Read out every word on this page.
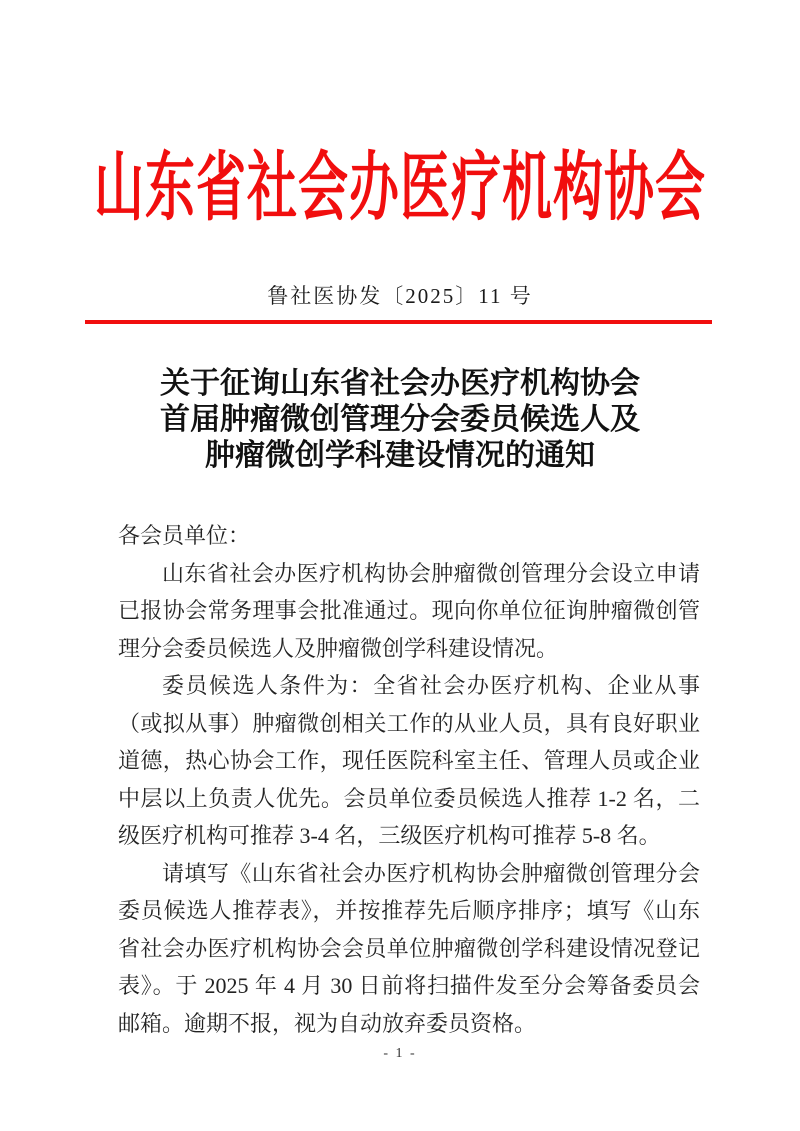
山东省社会办医疗机构协会
鲁社医协发〔2025〕11 号
关于征询山东省社会办医疗机构协会
首届肿瘤微创管理分会委员候选人及
肿瘤微创学科建设情况的通知

各会员单位：

山东省社会办医疗机构协会肿瘤微创管理分会设立申请已报协会常务理事会批准通过。现向你单位征询肿瘤微创管理分会委员候选人及肿瘤微创学科建设情况。

委员候选人条件为：全省社会办医疗机构、企业从事（或拟从事）肿瘤微创相关工作的从业人员，具有良好职业道德，热心协会工作，现任医院科室主任、管理人员或企业中层以上负责人优先。会员单位委员候选人推荐 1-2 名，二级医疗机构可推荐 3-4 名，三级医疗机构可推荐 5-8 名。

请填写《山东省社会办医疗机构协会肿瘤微创管理分会委员候选人推荐表》，并按推荐先后顺序排序；填写《山东省社会办医疗机构协会会员单位肿瘤微创学科建设情况登记表》。于 2025 年 4 月 30 日前将扫描件发至分会筹备委员会邮箱。逾期不报，视为自动放弃委员资格。

- 1 -
